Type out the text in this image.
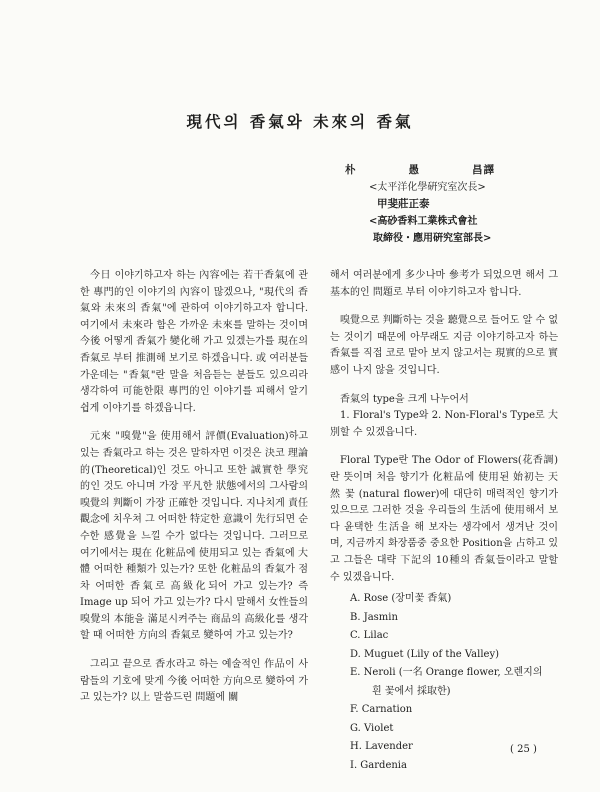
現代의 香氣와 未來의 香氣
朴	愚	昌譯
<太平洋化學硏究室次長>
甲斐莊正泰
<高砂香料工業株式會社
取締役・應用硏究室部長>

今日 이야기하고자 하는 內容에는 若干香氣에 관한 專門的인 이야기의 內容이 많겠으나, "現代의 香氣와 未來의 香氣"에 관하여 이야기하고자 합니다. 여기에서 未來라 함은 가까운 未來를 말하는 것이며 今後 어떻게 香氣가 變化해 가고 있겠는가를 現在의 香氣로 부터 推測해 보기로 하겠읍니다. 或 여러분들 가운데는 "香氣"란 말을 처음듣는 분들도 있으리라 생각하여 可能한限 專門的인 이야기를 피해서 알기 쉽게 이야기를 하겠읍니다.

元來 "嗅覺"을 使用해서 評價(Evaluation)하고 있는 香氣라고 하는 것은 말하자면 이것은 決코 理論的(Theoretical)인 것도 아니고 또한 誠實한 學究的인 것도 아니며 가장 平凡한 狀態에서의 그사람의 嗅覺의 判斷이 가장 正確한 것입니다. 지나치게 責任觀念에 치우쳐 그 어떠한 特定한 意識이 先行되면 순수한 感覺을 느낄 수가 없다는 것입니다. 그러므로 여기에서는 現在 化粧品에 使用되고 있는 香氣에 大體 어떠한 種類가 있는가? 또한 化粧品의 香氣가 점차 어떠한 香氣로 高級化되어 가고 있는가? 즉 Image up 되어 가고 있는가? 다시 말해서 女性들의 嗅覺의 本能을 滿足시켜주는 商品의 高級化를 생각할 때 어떠한 方向의 香氣로 變하여 가고 있는가?

그리고 끝으로 香水라고 하는 예술적인 作品이 사람들의 기호에 맞게 今後 어떠한 方向으로 變하여 가고 있는가? 以上 말씀드린 問題에 關

해서 여러분에게 多少나마 參考가 되었으면 해서 그 基本的인 問題로 부터 이야기하고자 합니다.

嗅覺으로 判斷하는 것을 聽覺으로 들어도 알 수 없는 것이기 때문에 아무래도 지금 이야기하고자 하는 香氣를 직접 코로 맡아 보지 않고서는 現實的으로 實感이 나지 않을 것입니다.

香氣의 type을 크게 나누어서

1. Floral's Type와 2. Non-Floral's Type로 大別할 수 있겠읍니다.

Floral Type란 The Odor of Flowers(花香調)란 뜻이며 처음 향기가 化粧品에 使用된 始初는 天然 꽃 (natural flower)에 대단히 매력적인 향기가 있으므로 그러한 것을 우리들의 生活에 使用해서 보다 윤택한 生活을 해 보자는 생각에서 생겨난 것이며, 지금까지 화장품중 중요한 Position을 占하고 있고 그들은 대략 下記의 10種의 香氣들이라고 말할 수 있겠읍니다.

A. Rose (장미꽃 香氣)
B. Jasmin
C. Lilac
D. Muguet (Lily of the Valley)
E. Neroli (一名 Orange flower, 오렌지의
흰 꽃에서 採取한)
F. Carnation
G. Violet
H. Lavender
I. Gardenia
( 25 )
